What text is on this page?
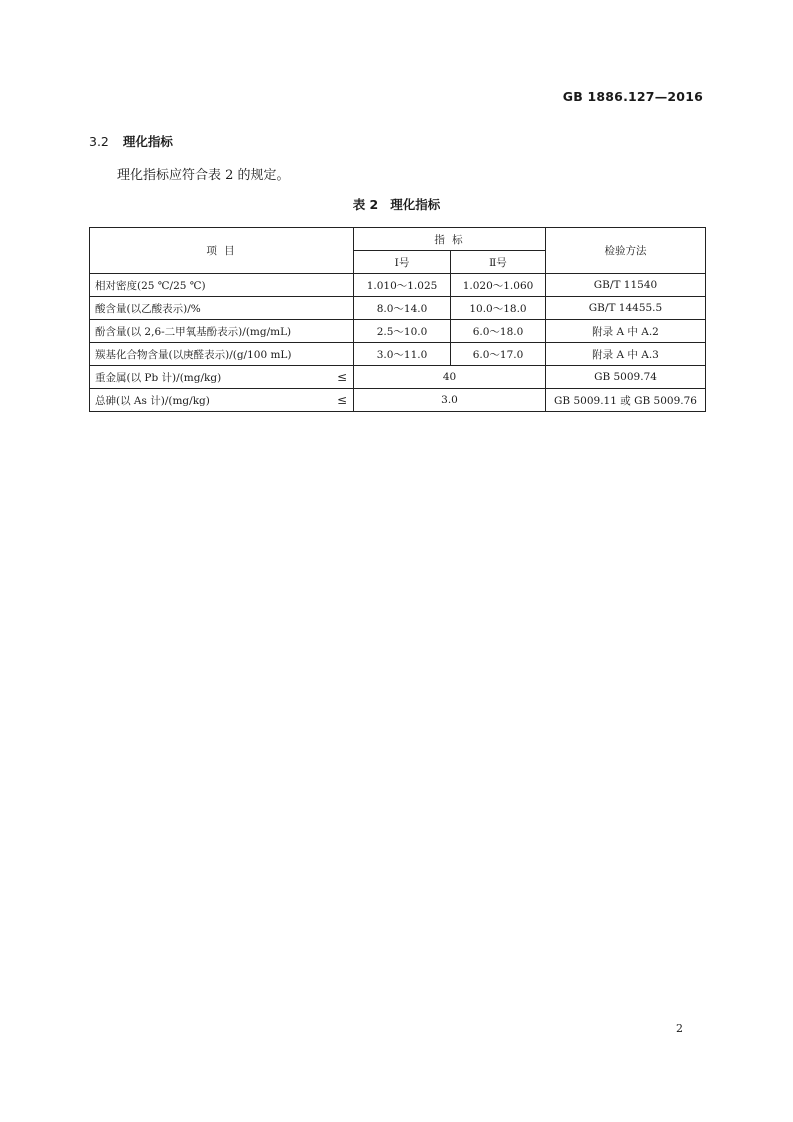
GB 1886.127—2016
3.2 理化指标
理化指标应符合表 2 的规定。
表 2 理化指标
项 目	指 标		检验方法
	Ⅰ号	Ⅱ号	
相对密度(25 ℃/25 ℃)	1.010～1.025	1.020～1.060	GB/T 11540
酸含量(以乙酸表示)/%	8.0～14.0	10.0～18.0	GB/T 14455.5
酚含量(以 2,6-二甲氧基酚表示)/(mg/mL)	2.5～10.0	6.0～18.0	附录 A 中 A.2
羰基化合物含量(以庚醛表示)/(g/100 mL)	3.0～11.0	6.0～17.0	附录 A 中 A.3
重金属(以 Pb 计)/(mg/kg) ≤	40		GB 5009.74
总砷(以 As 计)/(mg/kg) ≤	3.0		GB 5009.11 或 GB 5009.76
2
